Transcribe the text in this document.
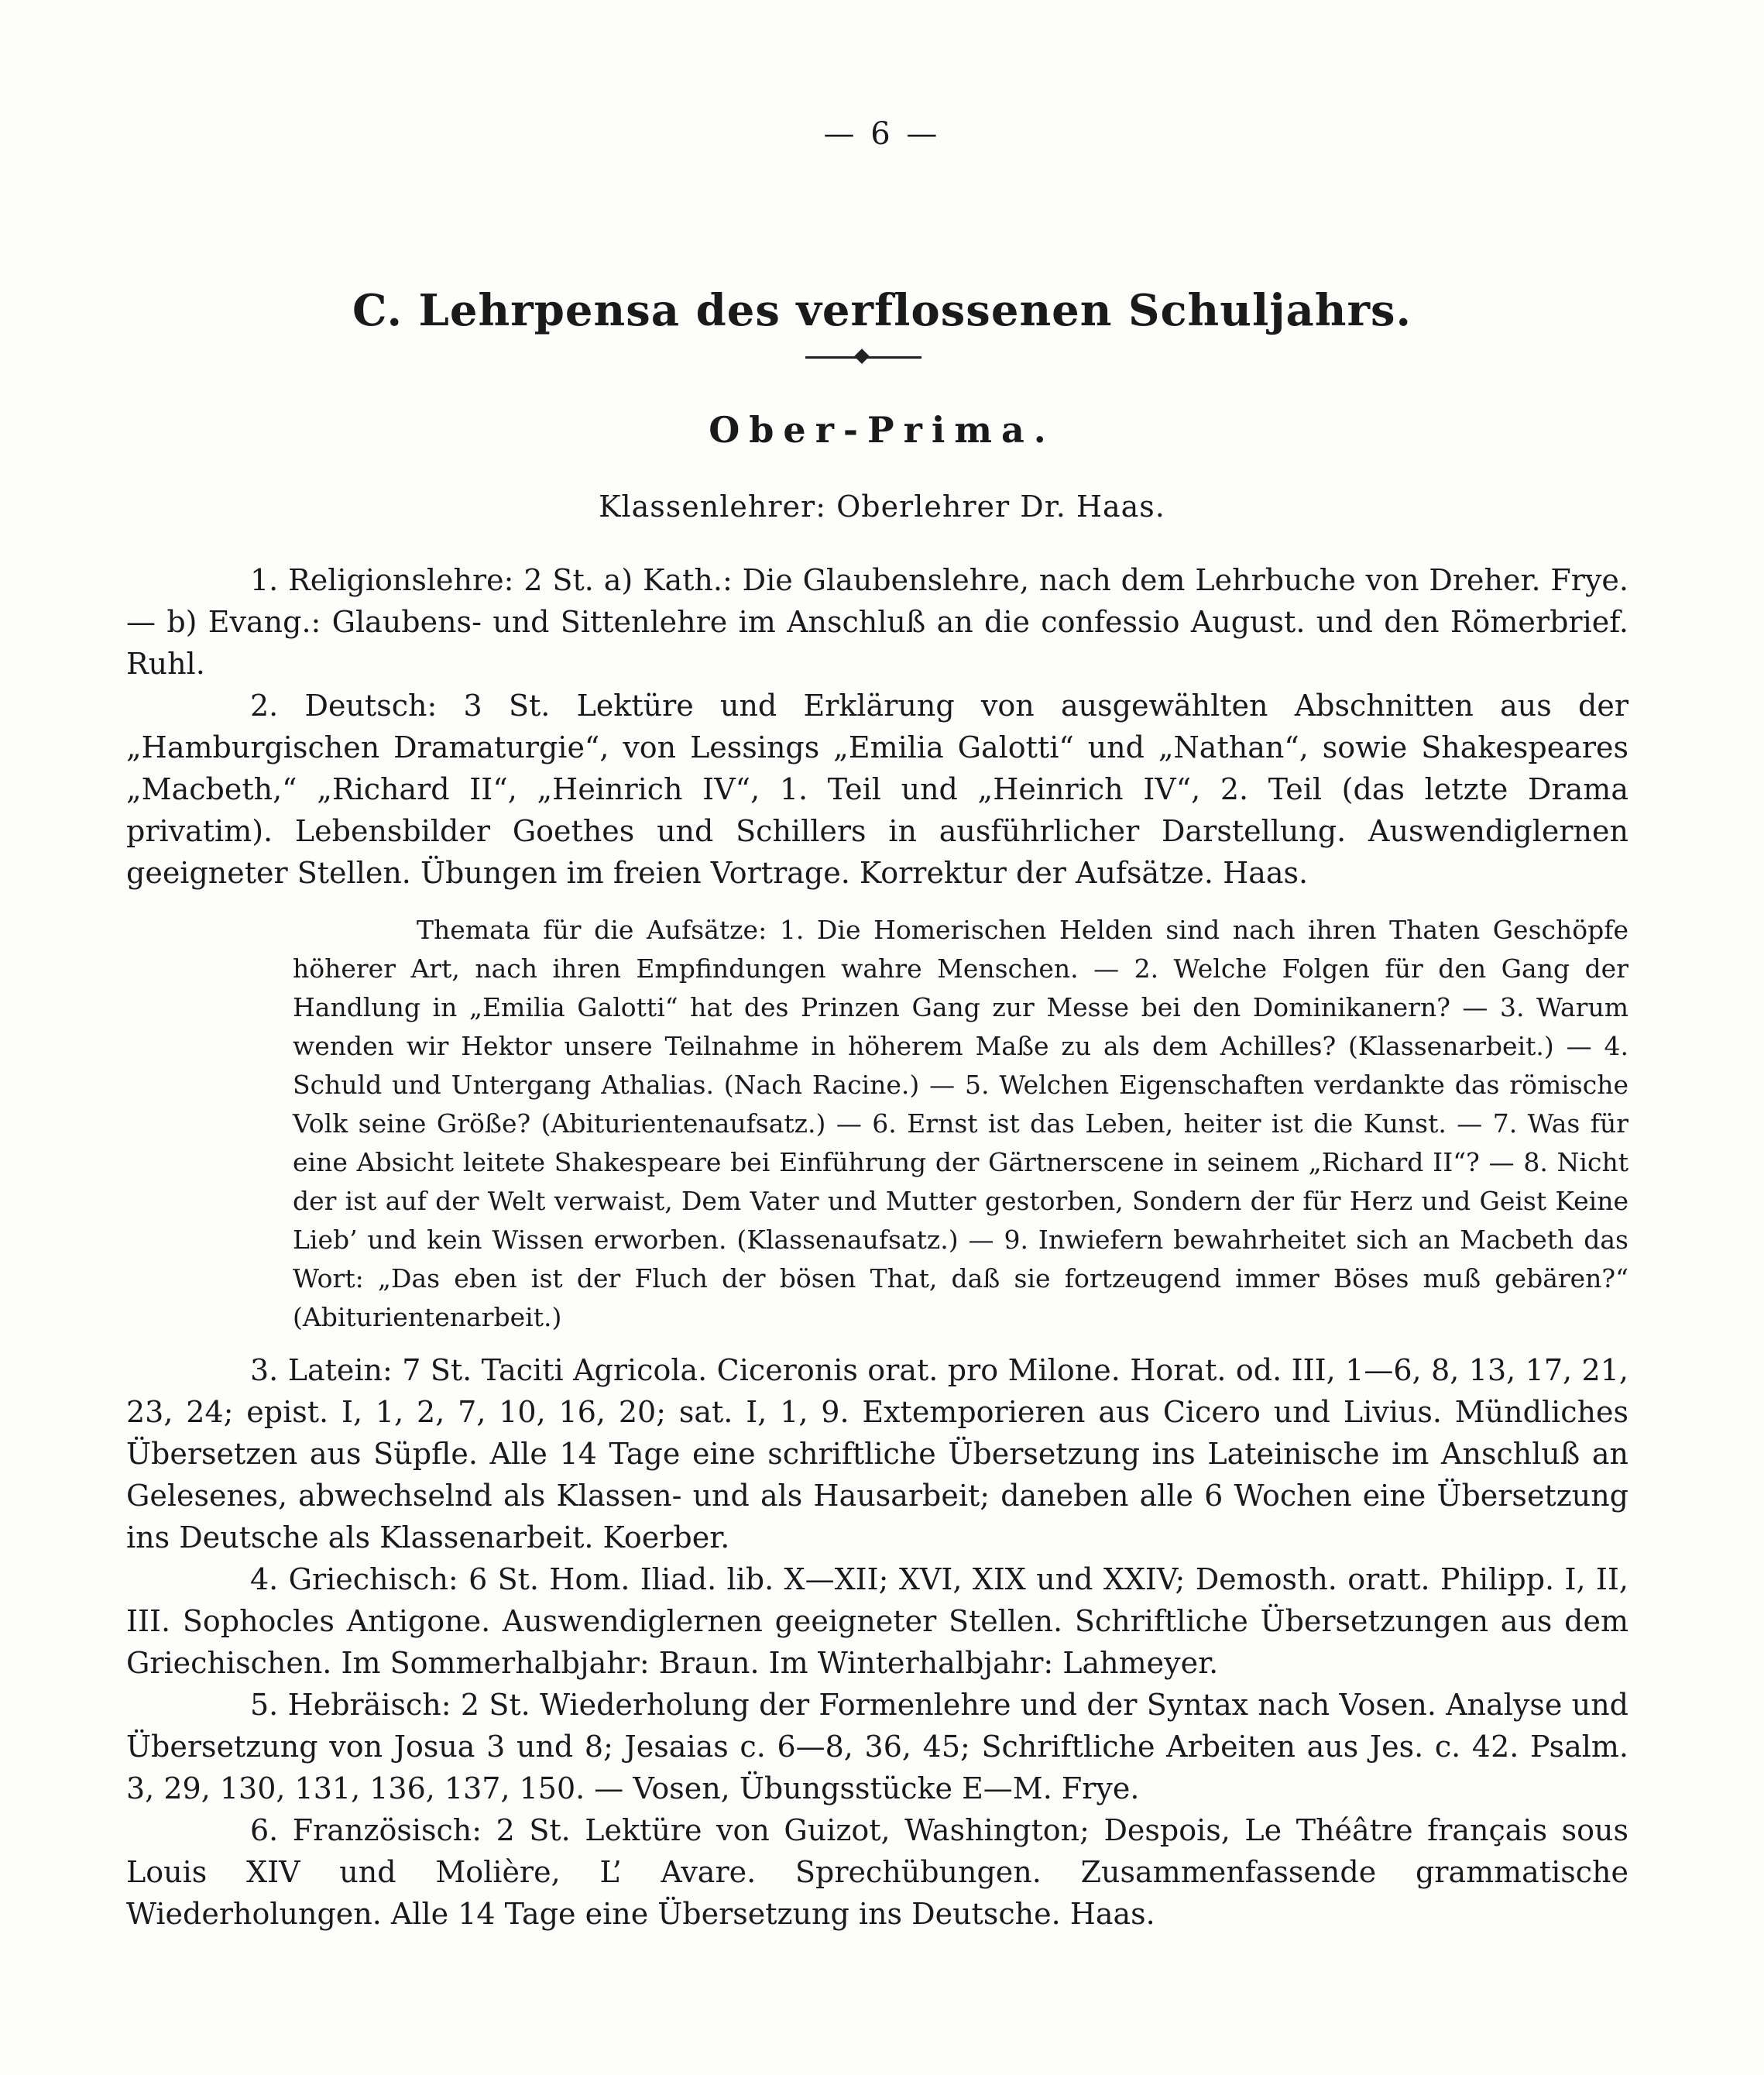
— 6 —
C. Lehrpensa des verflossenen Schuljahrs.
Ober-Prima.
Klassenlehrer: Oberlehrer Dr. Haas.

1. Religionslehre: 2 St. a) Kath.: Die Glaubenslehre, nach dem Lehrbuche von Dreher. Frye. — b) Evang.: Glaubens- und Sittenlehre im Anschluß an die confessio August. und den Römerbrief. Ruhl.

2. Deutsch: 3 St. Lektüre und Erklärung von ausgewählten Abschnitten aus der „Hamburgischen Dramaturgie“, von Lessings „Emilia Galotti“ und „Nathan“, sowie Shakespeares „Macbeth,“ „Richard II“, „Heinrich IV“, 1. Teil und „Heinrich IV“, 2. Teil (das letzte Drama privatim). Lebensbilder Goethes und Schillers in ausführlicher Darstellung. Auswendiglernen geeigneter Stellen. Übungen im freien Vortrage. Korrektur der Aufsätze. Haas.

Themata für die Aufsätze: 1. Die Homerischen Helden sind nach ihren Thaten Geschöpfe höherer Art, nach ihren Empfindungen wahre Menschen. — 2. Welche Folgen für den Gang der Handlung in „Emilia Galotti“ hat des Prinzen Gang zur Messe bei den Dominikanern? — 3. Warum wenden wir Hektor unsere Teilnahme in höherem Maße zu als dem Achilles? (Klassenarbeit.) — 4. Schuld und Untergang Athalias. (Nach Racine.) — 5. Welchen Eigenschaften verdankte das römische Volk seine Größe? (Abiturientenaufsatz.) — 6. Ernst ist das Leben, heiter ist die Kunst. — 7. Was für eine Absicht leitete Shakespeare bei Einführung der Gärtnerscene in seinem „Richard II“? — 8. Nicht der ist auf der Welt verwaist, Dem Vater und Mutter gestorben, Sondern der für Herz und Geist Keine Lieb’ und kein Wissen erworben. (Klassenaufsatz.) — 9. Inwiefern bewahrheitet sich an Macbeth das Wort: „Das eben ist der Fluch der bösen That, daß sie fortzeugend immer Böses muß gebären?“ (Abiturientenarbeit.)

3. Latein: 7 St. Taciti Agricola. Ciceronis orat. pro Milone. Horat. od. III, 1—6, 8, 13, 17, 21, 23, 24; epist. I, 1, 2, 7, 10, 16, 20; sat. I, 1, 9. Extemporieren aus Cicero und Livius. Mündliches Übersetzen aus Süpfle. Alle 14 Tage eine schriftliche Übersetzung ins Lateinische im Anschluß an Gelesenes, abwechselnd als Klassen- und als Hausarbeit; daneben alle 6 Wochen eine Übersetzung ins Deutsche als Klassenarbeit. Koerber.

4. Griechisch: 6 St. Hom. Iliad. lib. X—XII; XVI, XIX und XXIV; Demosth. oratt. Philipp. I, II, III. Sophocles Antigone. Auswendiglernen geeigneter Stellen. Schriftliche Übersetzungen aus dem Griechischen. Im Sommerhalbjahr: Braun. Im Winterhalbjahr: Lahmeyer.

5. Hebräisch: 2 St. Wiederholung der Formenlehre und der Syntax nach Vosen. Analyse und Übersetzung von Josua 3 und 8; Jesaias c. 6—8, 36, 45; Schriftliche Arbeiten aus Jes. c. 42. Psalm. 3, 29, 130, 131, 136, 137, 150. — Vosen, Übungsstücke E—M. Frye.

6. Französisch: 2 St. Lektüre von Guizot, Washington; Despois, Le Théâtre français sous Louis XIV und Molière, L’ Avare. Sprechübungen. Zusammenfassende grammatische Wiederholungen. Alle 14 Tage eine Übersetzung ins Deutsche. Haas.
